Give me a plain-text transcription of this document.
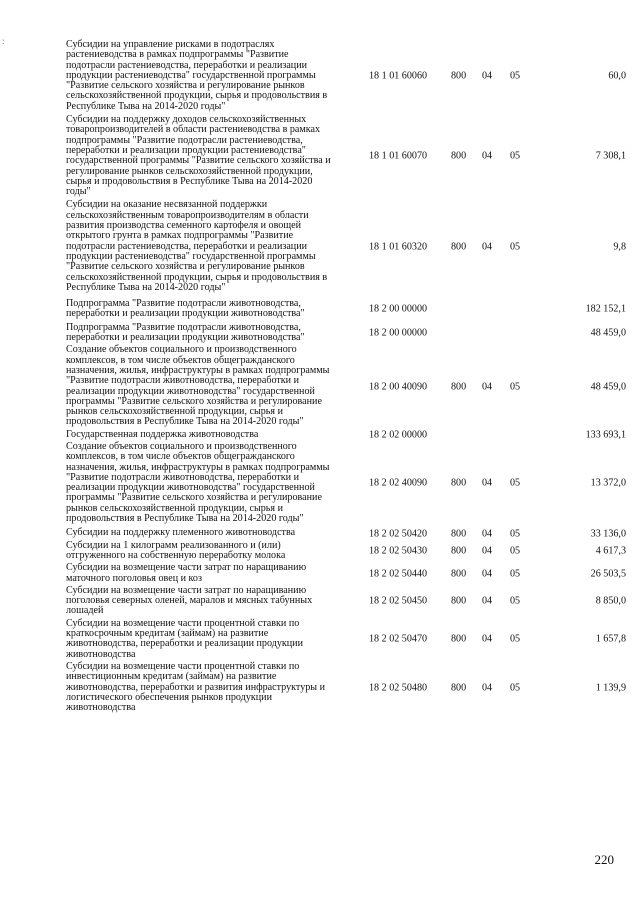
:	Субсидии на управление рисками в подотраслях
растениеводства в рамках подпрограммы "Развитие
подотрасли растениеводства, переработки и реализации
продукции растениеводства" государственной программы
"Развитие сельского хозяйства и регулирование рынков
сельскохозяйственной продукции, сырья и продовольствия в
Республике Тыва на 2014-2020 годы"
18 1 01 60060 800 04 05	60,0
Субсидии на поддержку доходов сельскохозяйственных
товаропроизводителей в области растениеводства в рамках
подпрограммы "Развитие подотрасли растениеводства,
переработки и реализации продукции растениеводства"
государственной программы "Развитие сельского хозяйства и
регулирование рынков сельскохозяйственной продукции,
сырья и продовольствия в Республике Тыва на 2014-2020
годы"
18 1 01 60070 800 04 05	7 308,1
Субсидии на оказание несвязанной поддержки
сельскохозяйственным товаропроизводителям в области
развития производства семенного картофеля и овощей
открытого грунта в рамках подпрограммы "Развитие
подотрасли растениеводства, переработки и реализации
продукции растениеводства" государственной программы
"Развитие сельского хозяйства и регулирование рынков
сельскохозяйственной продукции, сырья и продовольствия в
Республике Тыва на 2014-2020 годы"
18 1 01 60320 800 04 05	9,8
Подпрограмма "Развитие подотрасли животноводства,
переработки и реализации продукции животноводства"	18 2 00 00000	182 152,1
Подпрограмма "Развитие подотрасли животноводства,
переработки и реализации продукции животноводства"	18 2 00 00000	48 459,0
Создание объектов социального и производственного
комплексов, в том числе объектов общегражданского
назначения, жилья, инфраструктуры в рамках подпрограммы
"Развитие подотрасли животноводства, переработки и
реализации продукции животноводства" государственной
программы "Развитие сельского хозяйства и регулирование
рынков сельскохозяйственной продукции, сырья и
продовольствия в Республике Тыва на 2014-2020 годы"
18 2 00 40090 800 04 05	48 459,0
Государственная поддержка животноводства	18 2 02 00000	133 693,1
Создание объектов социального и производственного
комплексов, в том числе объектов общегражданского
назначения, жилья, инфраструктуры в рамках подпрограммы
"Развитие подотрасли животноводства, переработки и
реализации продукции животноводства" государственной
программы "Развитие сельского хозяйства и регулирование
рынков сельскохозяйственной продукции, сырья и
продовольствия в Республике Тыва на 2014-2020 годы"
18 2 02 40090 800 04 05	13 372,0
Субсидии на поддержку племенного животноводства	18 2 02 50420 800 04 05	33 136,0
Субсидии на 1 килограмм реализованного и (или)
отгруженного на собственную переработку молока	18 2 02 50430 800 04 05	4 617,3
Субсидии на возмещение части затрат по наращиванию
маточного поголовья овец и коз	18 2 02 50440 800 04 05	26 503,5
Субсидии на возмещение части затрат по наращиванию
поголовья северных оленей, маралов и мясных табунных
лошадей
18 2 02 50450 800 04 05	8 850,0
Субсидии на возмещение части процентной ставки по
краткосрочным кредитам (займам) на развитие
животноводства, переработки и реализации продукции
животноводства
18 2 02 50470 800 04 05	1 657,8
Субсидии на возмещение части процентной ставки по
инвестиционным кредитам (займам) на развитие
животноводства, переработки и развития инфраструктуры и
логистического обеспечения рынков продукции
животноводства
18 2 02 50480 800 04 05	1 139,9
220
